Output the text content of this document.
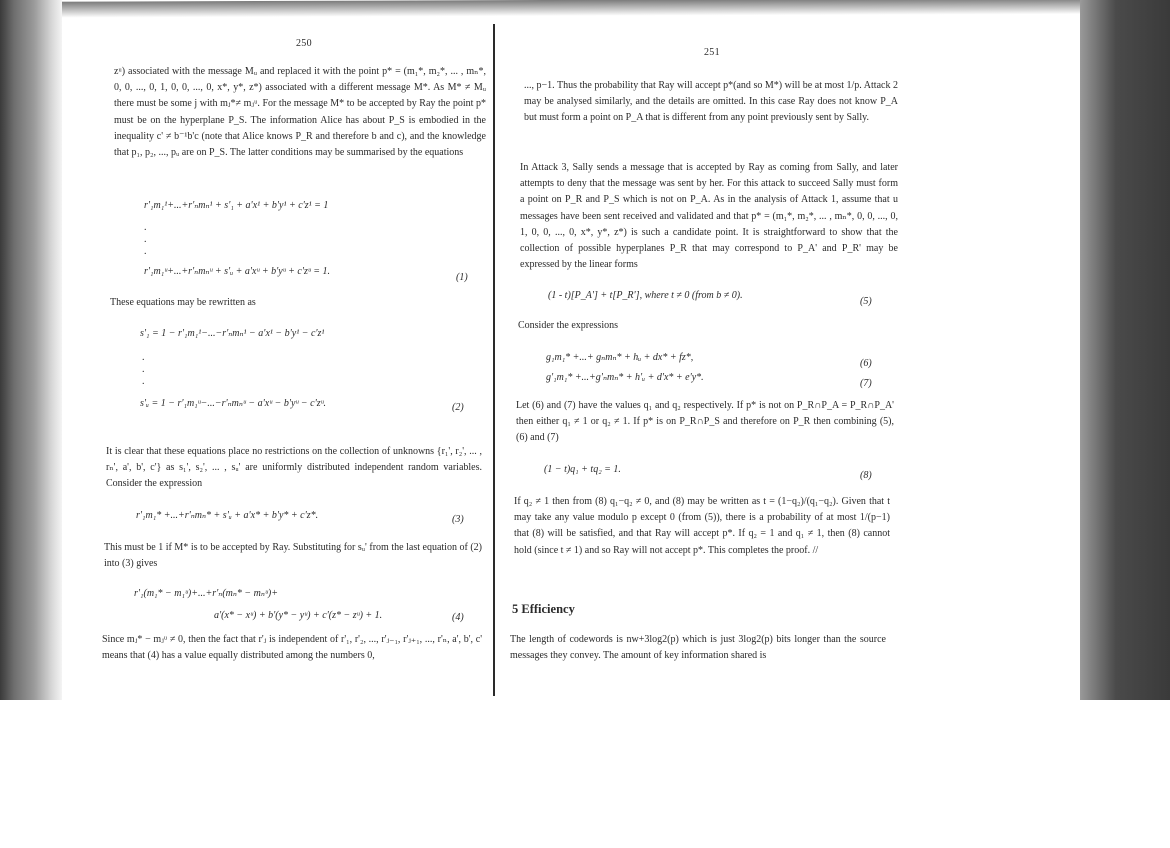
250
zᵘ) associated with the message Mᵤ and replaced it with the point p* = (m₁*, m₂*, ... , mₙ*, 0, 0, ..., 0, 1, 0, 0, ..., 0, x*, y*, z*) associated with a different message M*. As M* ≠ Mᵤ there must be some j with mⱼ*≠ mⱼᵘ. For the message M* to be accepted by Ray the point p* must be on the hyperplane P_S. The information Alice has about P_S is embodied in the inequality c' ≠ b⁻¹b'c (note that Alice knows P_R and therefore b and c), and the knowledge that p₁, p₂, ..., pᵤ are on P_S. The latter conditions may be summarised by the equations
r'₁m₁¹+...+r'ₙmₙ¹ + s'₁ + a'x¹ + b'y¹ + c'z¹ = 1
.
.
.
r'₁m₁ᵘ+...+r'ₙmₙᵘ + s'ᵤ + a'xᵘ + b'yᵘ + c'zᵘ = 1.
(1)
These equations may be rewritten as
s'₁ = 1 − r'₁m₁¹−...−r'ₙmₙ¹ − a'x¹ − b'y¹ − c'z¹
.
.
.
s'ᵤ = 1 − r'₁m₁ᵘ−...−r'ₙmₙᵘ − a'xᵘ − b'yᵘ − c'zᵘ.	(2)
It is clear that these equations place no restrictions on the collection of unknowns {r₁', r₂', ... , rₙ', a', b', c'} as s₁', s₂', ... , sᵤ' are uniformly distributed independent random variables. Consider the expression
r'₁m₁* +...+r'ₙmₙ* + s'ᵤ + a'x* + b'y* + c'z*.	(3)
This must be 1 if M* is to be accepted by Ray. Substituting for sᵤ' from the last equation of (2) into (3) gives
r'₁(m₁* − m₁ᵘ)+...+r'ₙ(mₙ* − mₙᵘ)+
a'(x* − xᵘ) + b'(y* − yᵘ) + c'(z* − zᵘ) + 1.	(4)
Since mⱼ* − mⱼᵘ ≠ 0, then the fact that r'ⱼ is independent of r'₁, r'₂, ..., r'ⱼ₋₁, r'ⱼ₊₁, ..., r'ₙ, a', b', c' means that (4) has a value equally distributed among the numbers 0,
251
..., p−1. Thus the probability that Ray will accept p*(and so M*) will be at most 1/p. Attack 2 may be analysed similarly, and the details are omitted. In this case Ray does not know P_A but must form a point on P_A that is different from any point previously sent by Sally.
In Attack 3, Sally sends a message that is accepted by Ray as coming from Sally, and later attempts to deny that the message was sent by her. For this attack to succeed Sally must form a point on P_R and P_S which is not on P_A. As in the analysis of Attack 1, assume that u messages have been sent received and validated and that p* = (m₁*, m₂*, ... , mₙ*, 0, 0, ..., 0, 1, 0, 0, ..., 0, x*, y*, z*) is such a candidate point. It is straightforward to show that the collection of possible hyperplanes P_R that may correspond to P_A' and P_R' may be expressed by the linear forms
(1 - t)[P_A'] + t[P_R'], where t ≠ 0 (from b ≠ 0).
(5)
Consider the expressions
g₁m₁* +...+ gₙmₙ* + hᵤ + dx* + fz*,
(6)
g'₁m₁* +...+g'ₙmₙ* + h'ᵤ + d'x* + e'y*.
(7)
Let (6) and (7) have the values q₁ and q₂ respectively. If p* is not on P_R∩P_A = P_R∩P_A' then either q₁ ≠ 1 or q₂ ≠ 1. If p* is on P_R∩P_S and therefore on P_R then combining (5), (6) and (7)
(1 − t)q₁ + tq₂ = 1.
(8)
If q₂ ≠ 1 then from (8) q₁−q₂ ≠ 0, and (8) may be written as t = (1−q₂)/(q₁−q₂). Given that t may take any value modulo p except 0 (from (5)), there is a probability of at most 1/(p−1) that (8) will be satisfied, and that Ray will accept p*. If q₂ = 1 and q₁ ≠ 1, then (8) cannot hold (since t ≠ 1) and so Ray will not accept p*. This completes the proof. //
5 Efficiency
The length of codewords is nw+3log2(p) which is just 3log2(p) bits longer than the source messages they convey. The amount of key information shared is
